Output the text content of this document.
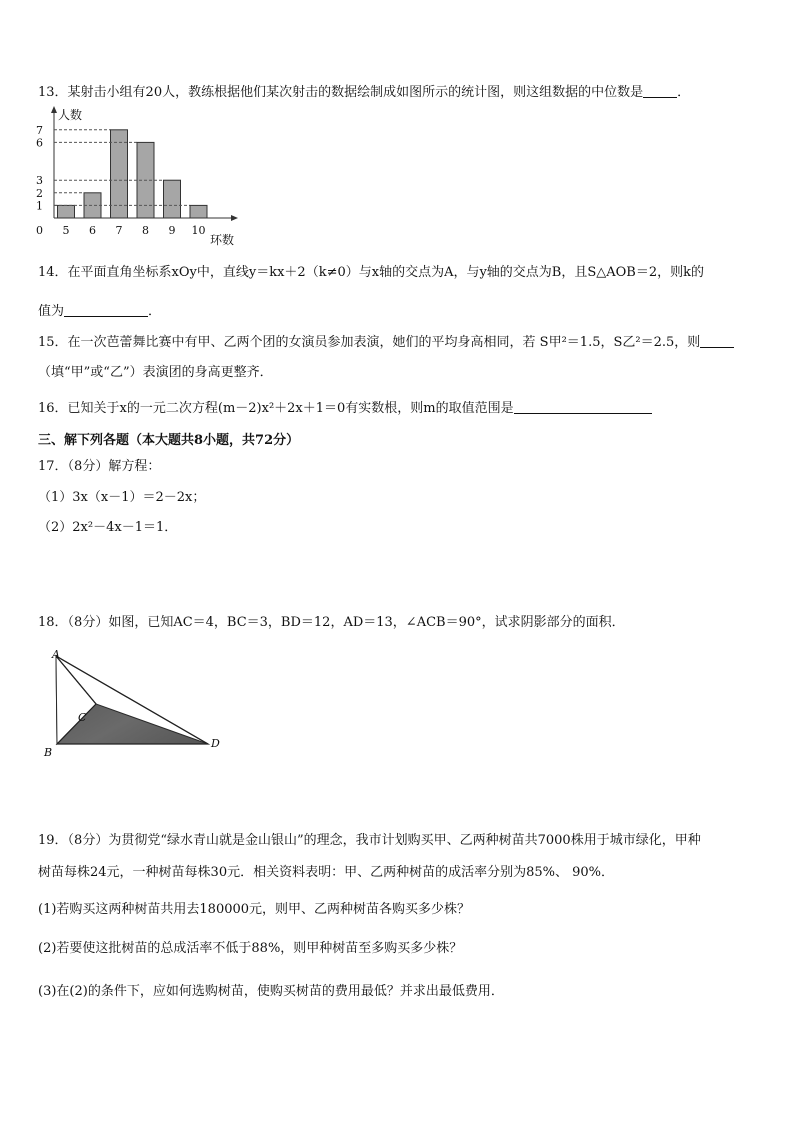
13．某射击小组有20人，教练根据他们某次射击的数据绘制成如图所示的统计图，则这组数据的中位数是	．
人数
环数
0
1
2
3
6
7
5 6 7 8 9 10
14．在平面直角坐标系xOy中，直线y＝kx＋2（k≠0）与x轴的交点为A，与y轴的交点为B，且S△AOB＝2，则k的
值为	．
15．在一次芭蕾舞比赛中有甲、乙两个团的女演员参加表演，她们的平均身高相同，若 S甲²＝1.5，S乙²＝2.5，则
（填“甲”或“乙”）表演团的身高更整齐．
16．已知关于x的一元二次方程(m－2)x²＋2x＋1＝0有实数根，则m的取值范围是
三、解下列各题（本大题共8小题，共72分）
17．（8分）解方程：
（1）3x（x－1）＝2－2x；
（2）2x²－4x－1＝1．
18．（8分）如图，已知AC＝4，BC＝3，BD＝12，AD＝13，∠ACB＝90°，试求阴影部分的面积．
A
B
C
D
19．（8分）为贯彻党“绿水青山就是金山银山”的理念，我市计划购买甲、乙两种树苗共7000株用于城市绿化，甲种
树苗每株24元，一种树苗每株30元．相关资料表明：甲、乙两种树苗的成活率分别为85%、 90%．
(1)若购买这两种树苗共用去180000元，则甲、乙两种树苗各购买多少株？
(2)若要使这批树苗的总成活率不低于88%，则甲种树苗至多购买多少株？
(3)在(2)的条件下，应如何选购树苗，使购买树苗的费用最低？并求出最低费用．
